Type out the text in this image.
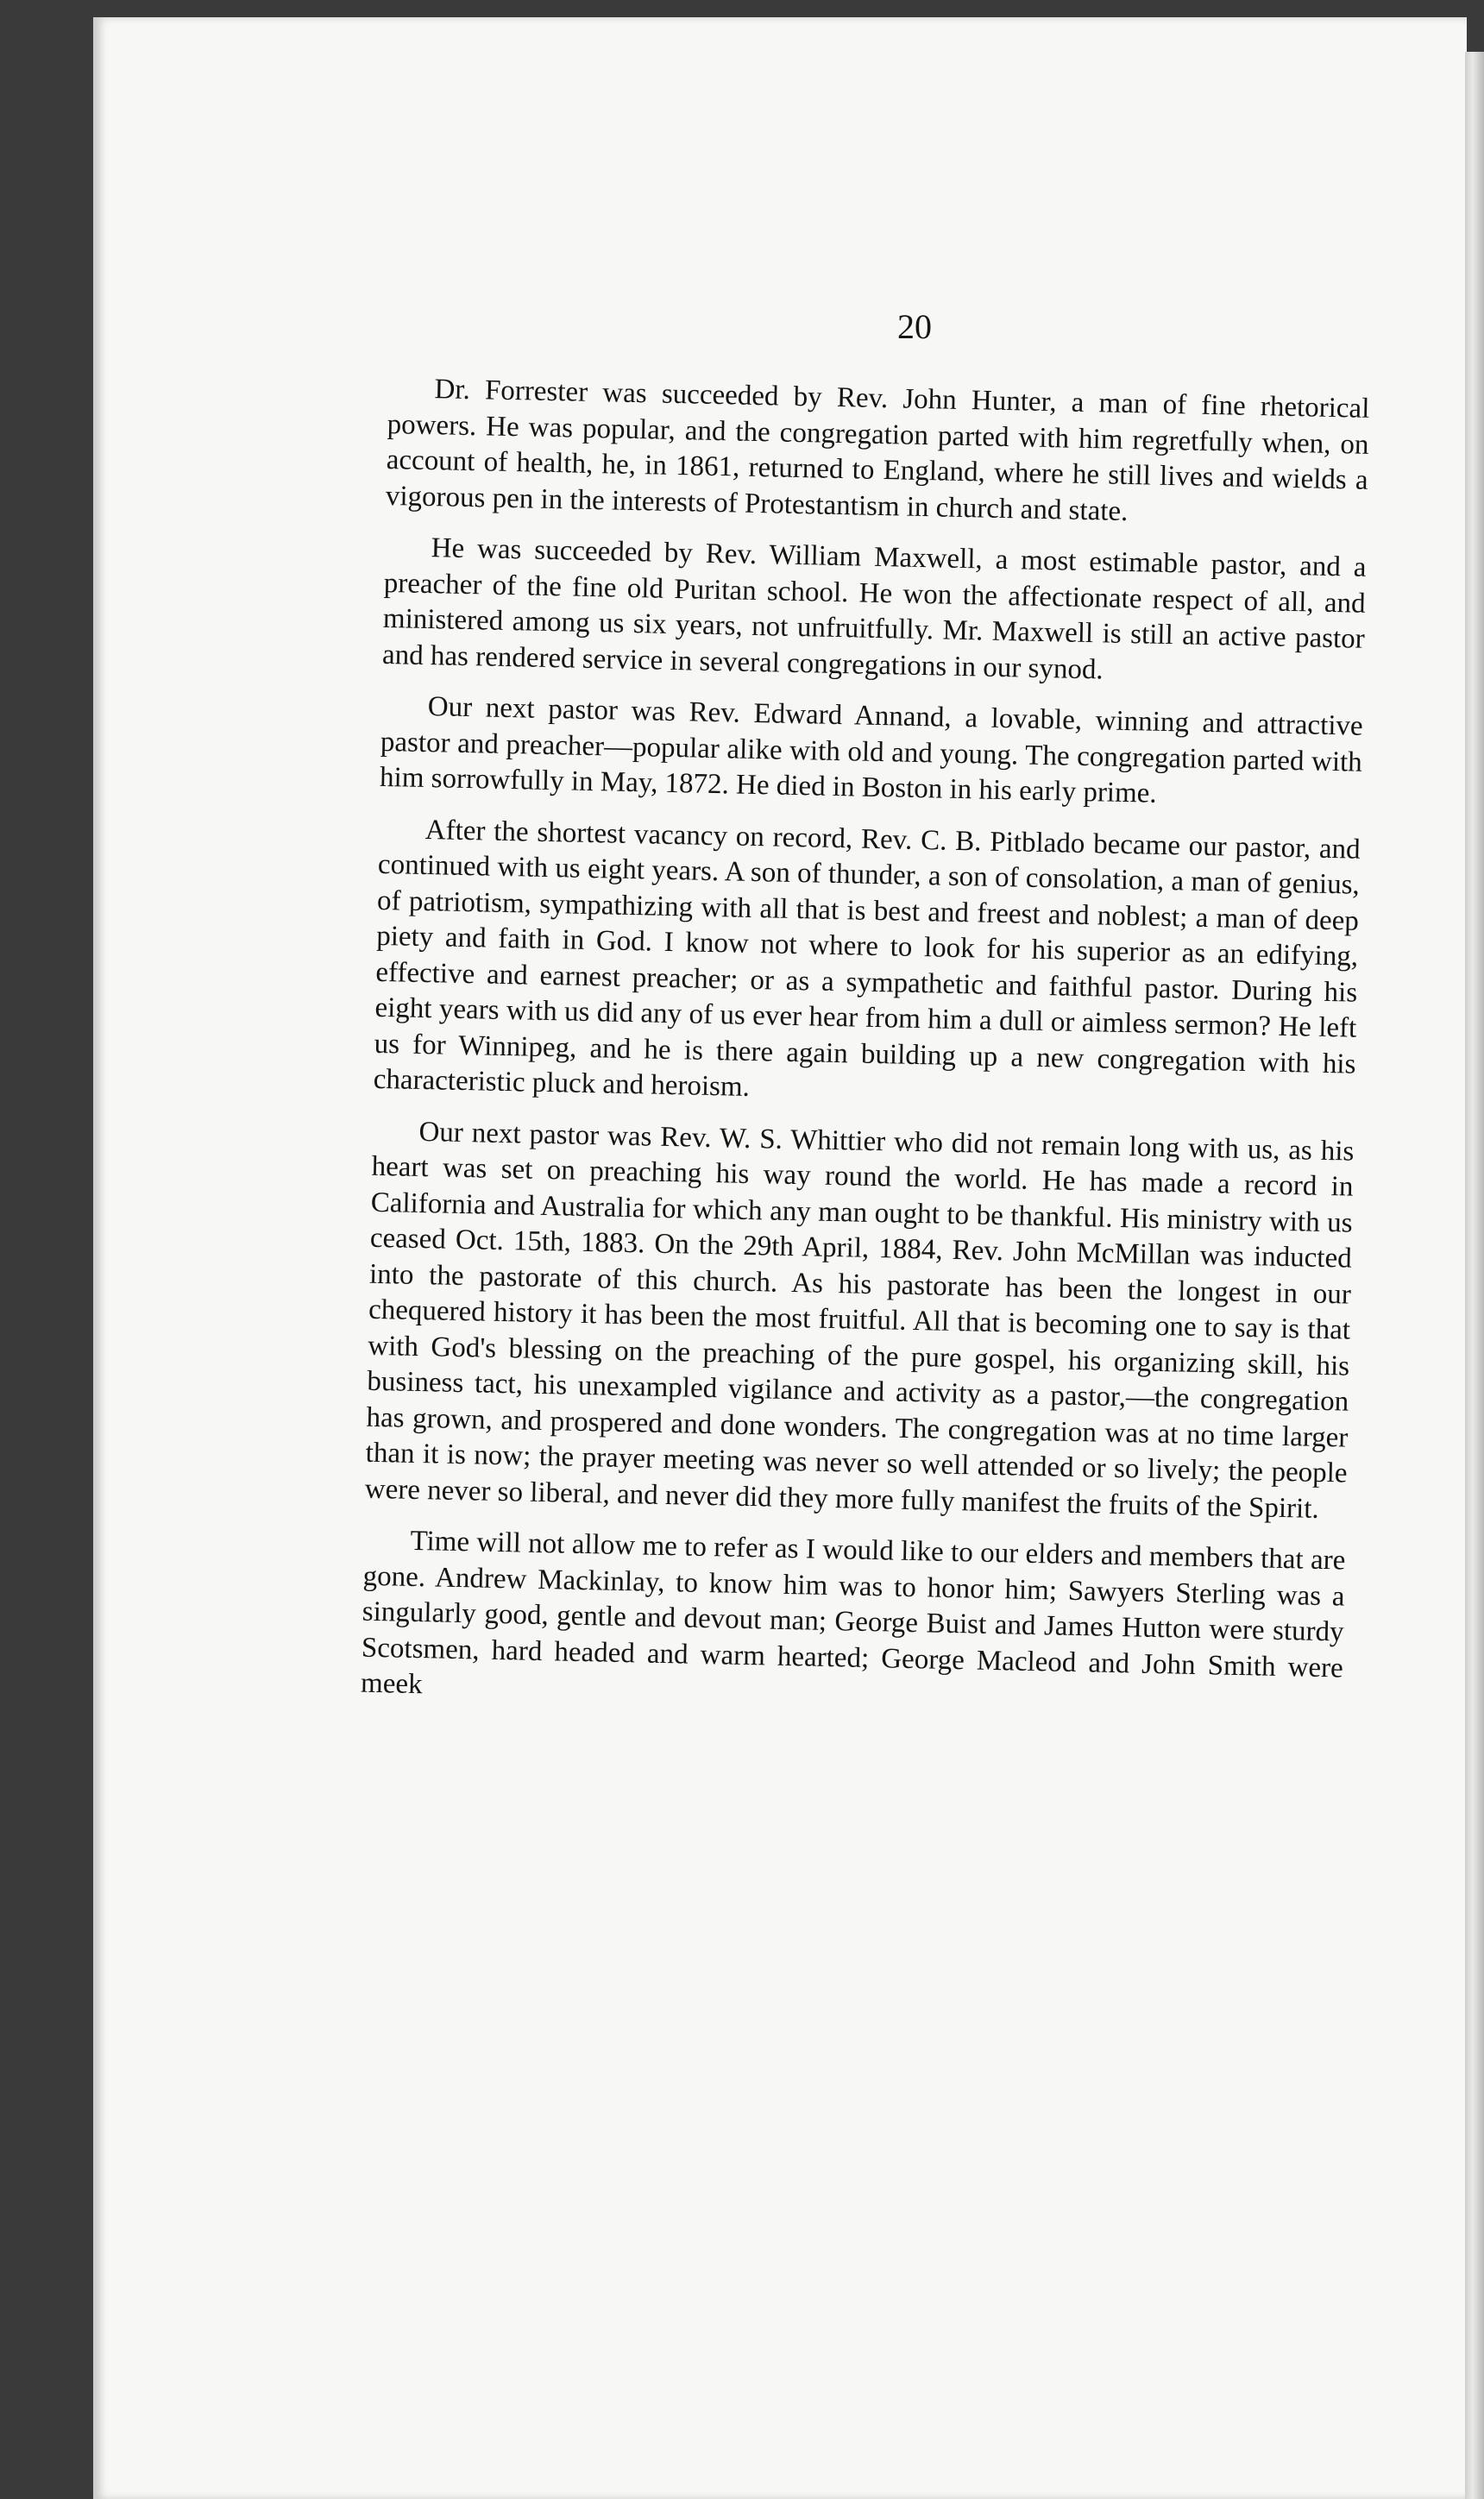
20

Dr. Forrester was succeeded by Rev. John Hunter, a man of fine rhetorical powers. He was popular, and the congregation parted with him regretfully when, on account of health, he, in 1861, returned to England, where he still lives and wields a vigorous pen in the interests of Protestantism in church and state.

He was succeeded by Rev. William Maxwell, a most estimable pastor, and a preacher of the fine old Puritan school. He won the affectionate respect of all, and ministered among us six years, not unfruitfully. Mr. Maxwell is still an active pastor and has rendered service in several congregations in our synod.

Our next pastor was Rev. Edward Annand, a lovable, winning and attractive pastor and preacher—popular alike with old and young. The congregation parted with him sorrowfully in May, 1872. He died in Boston in his early prime.

After the shortest vacancy on record, Rev. C. B. Pitblado became our pastor, and continued with us eight years. A son of thunder, a son of consolation, a man of genius, of patriotism, sympathizing with all that is best and freest and noblest; a man of deep piety and faith in God. I know not where to look for his superior as an edifying, effective and earnest preacher; or as a sympathetic and faithful pastor. During his eight years with us did any of us ever hear from him a dull or aimless sermon? He left us for Winnipeg, and he is there again building up a new congregation with his characteristic pluck and heroism.

Our next pastor was Rev. W. S. Whittier who did not remain long with us, as his heart was set on preaching his way round the world. He has made a record in California and Australia for which any man ought to be thankful. His ministry with us ceased Oct. 15th, 1883. On the 29th April, 1884, Rev. John McMillan was inducted into the pastorate of this church. As his pastorate has been the longest in our chequered history it has been the most fruitful. All that is becoming one to say is that with God's blessing on the preaching of the pure gospel, his organizing skill, his business tact, his unexampled vigilance and activity as a pastor,—the congregation has grown, and prospered and done wonders. The congregation was at no time larger than it is now; the prayer meeting was never so well attended or so lively; the people were never so liberal, and never did they more fully manifest the fruits of the Spirit.

Time will not allow me to refer as I would like to our elders and members that are gone. Andrew Mackinlay, to know him was to honor him; Sawyers Sterling was a singularly good, gentle and devout man; George Buist and James Hutton were sturdy Scotsmen, hard headed and warm hearted; George Macleod and John Smith were meek
